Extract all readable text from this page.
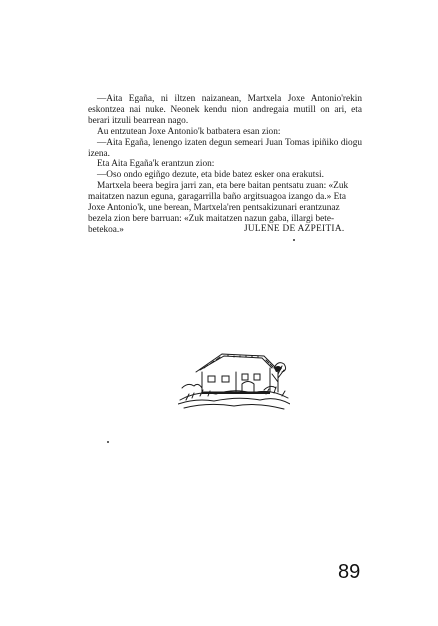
—Aita Egaña, ni iltzen naizanean, Martxela Joxe Antonio'rekin eskontzea nai nuke. Neonek kendu nion andregaia mutill on ari, eta berari itzuli bearrean nago.

Au entzutean Joxe Antonio'k batbatera esan zion:

—Aita Egaña, lenengo izaten degun semeari Juan Tomas ipiñiko diogu izena.

Eta Aita Egaña'k erantzun zion:

—Oso ondo egiñgo dezute, eta bide batez esker ona erakutsi.

Martxela beera begira jarri zan, eta bere baitan pentsatu zuan: «Zuk maitatzen nazun eguna, garagarrilla baño argitsuagoa izango da.» Eta Joxe Antonio'k, une berean, Martxela'ren pentsakizunari erantzunaz bezela zion bere barruan: «Zuk maitatzen nazun gaba, illargi bete-betekoa.»	JULENE DE AZPEITIA.
89
